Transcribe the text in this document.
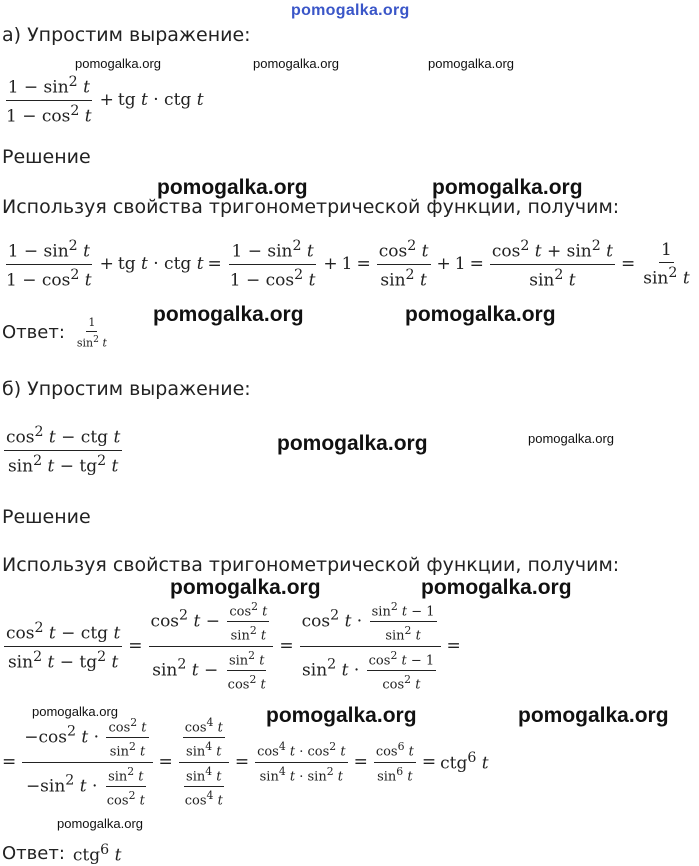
pomogalka.org
а) Упростим выражение:
pomogalka.org	pomogalka.org	pomogalka.org
$\frac{1 - \sin^2 t}{1 - \cos^2 t}$ + tg t · ctg t
Решение
pomogalka.org	pomogalka.org
Используя свойства тригонометрической функции, получим:
$\frac{1 - \sin^2 t}{1 - \cos^2 t}$ + tg t · ctg $t = \frac{1 - \sin^2 t}{1 - \cos^2 t} + 1 = \frac{\cos^2 t}{\sin^2 t} + 1 = \frac{\cos^2 t + \sin^2 t}{\sin^2 t} = \frac{1}{\sin^2 t}$
pomogalka.org	pomogalka.org
Ответ: $\frac{1}{\sin^2 t}$
б) Упростим выражение:
$\frac{\cos^2 t - ctg t}{\sin^2 t - tg^2 t}$	pomogalka.org	pomogalka.org
Решение
Используя свойства тригонометрической функции, получим:
pomogalka.org	pomogalka.org
$\frac{\cos^2 t - ctg t}{\sin^2 t - tg^2 t} = \frac{\cos^2 t - \frac{\cos^2 t}{\sin^2 t}}{\sin^2 t - \frac{\sin^2 t}{\cos^2 t}} = \frac{\cos^2 t \cdot \frac{\sin^2 t - 1}{\sin^2 t}}{\sin^2 t \cdot \frac{\cos^2 t - 1}{\cos^2 t}}$ =
pomogalka.org	pomogalka.org	pomogalka.org
= $\frac{-\cos^2 t \cdot \frac{\cos^2 t}{\sin^2 t}}{-\sin^2 t \cdot \frac{\sin^2 t}{\cos^2 t}} = \frac{\frac{\cos^4 t}{\sin^4 t}}{\frac{\sin^4 t}{\cos^4 t}} = \frac{\cos^4 t \cdot \cos^2 t}{\sin^4 t \cdot \sin^2 t} = \frac{\cos^6 t}{\sin^6 t} = ctg^6$ t
pomogalka.org
Ответ: ctg$^6$ t
